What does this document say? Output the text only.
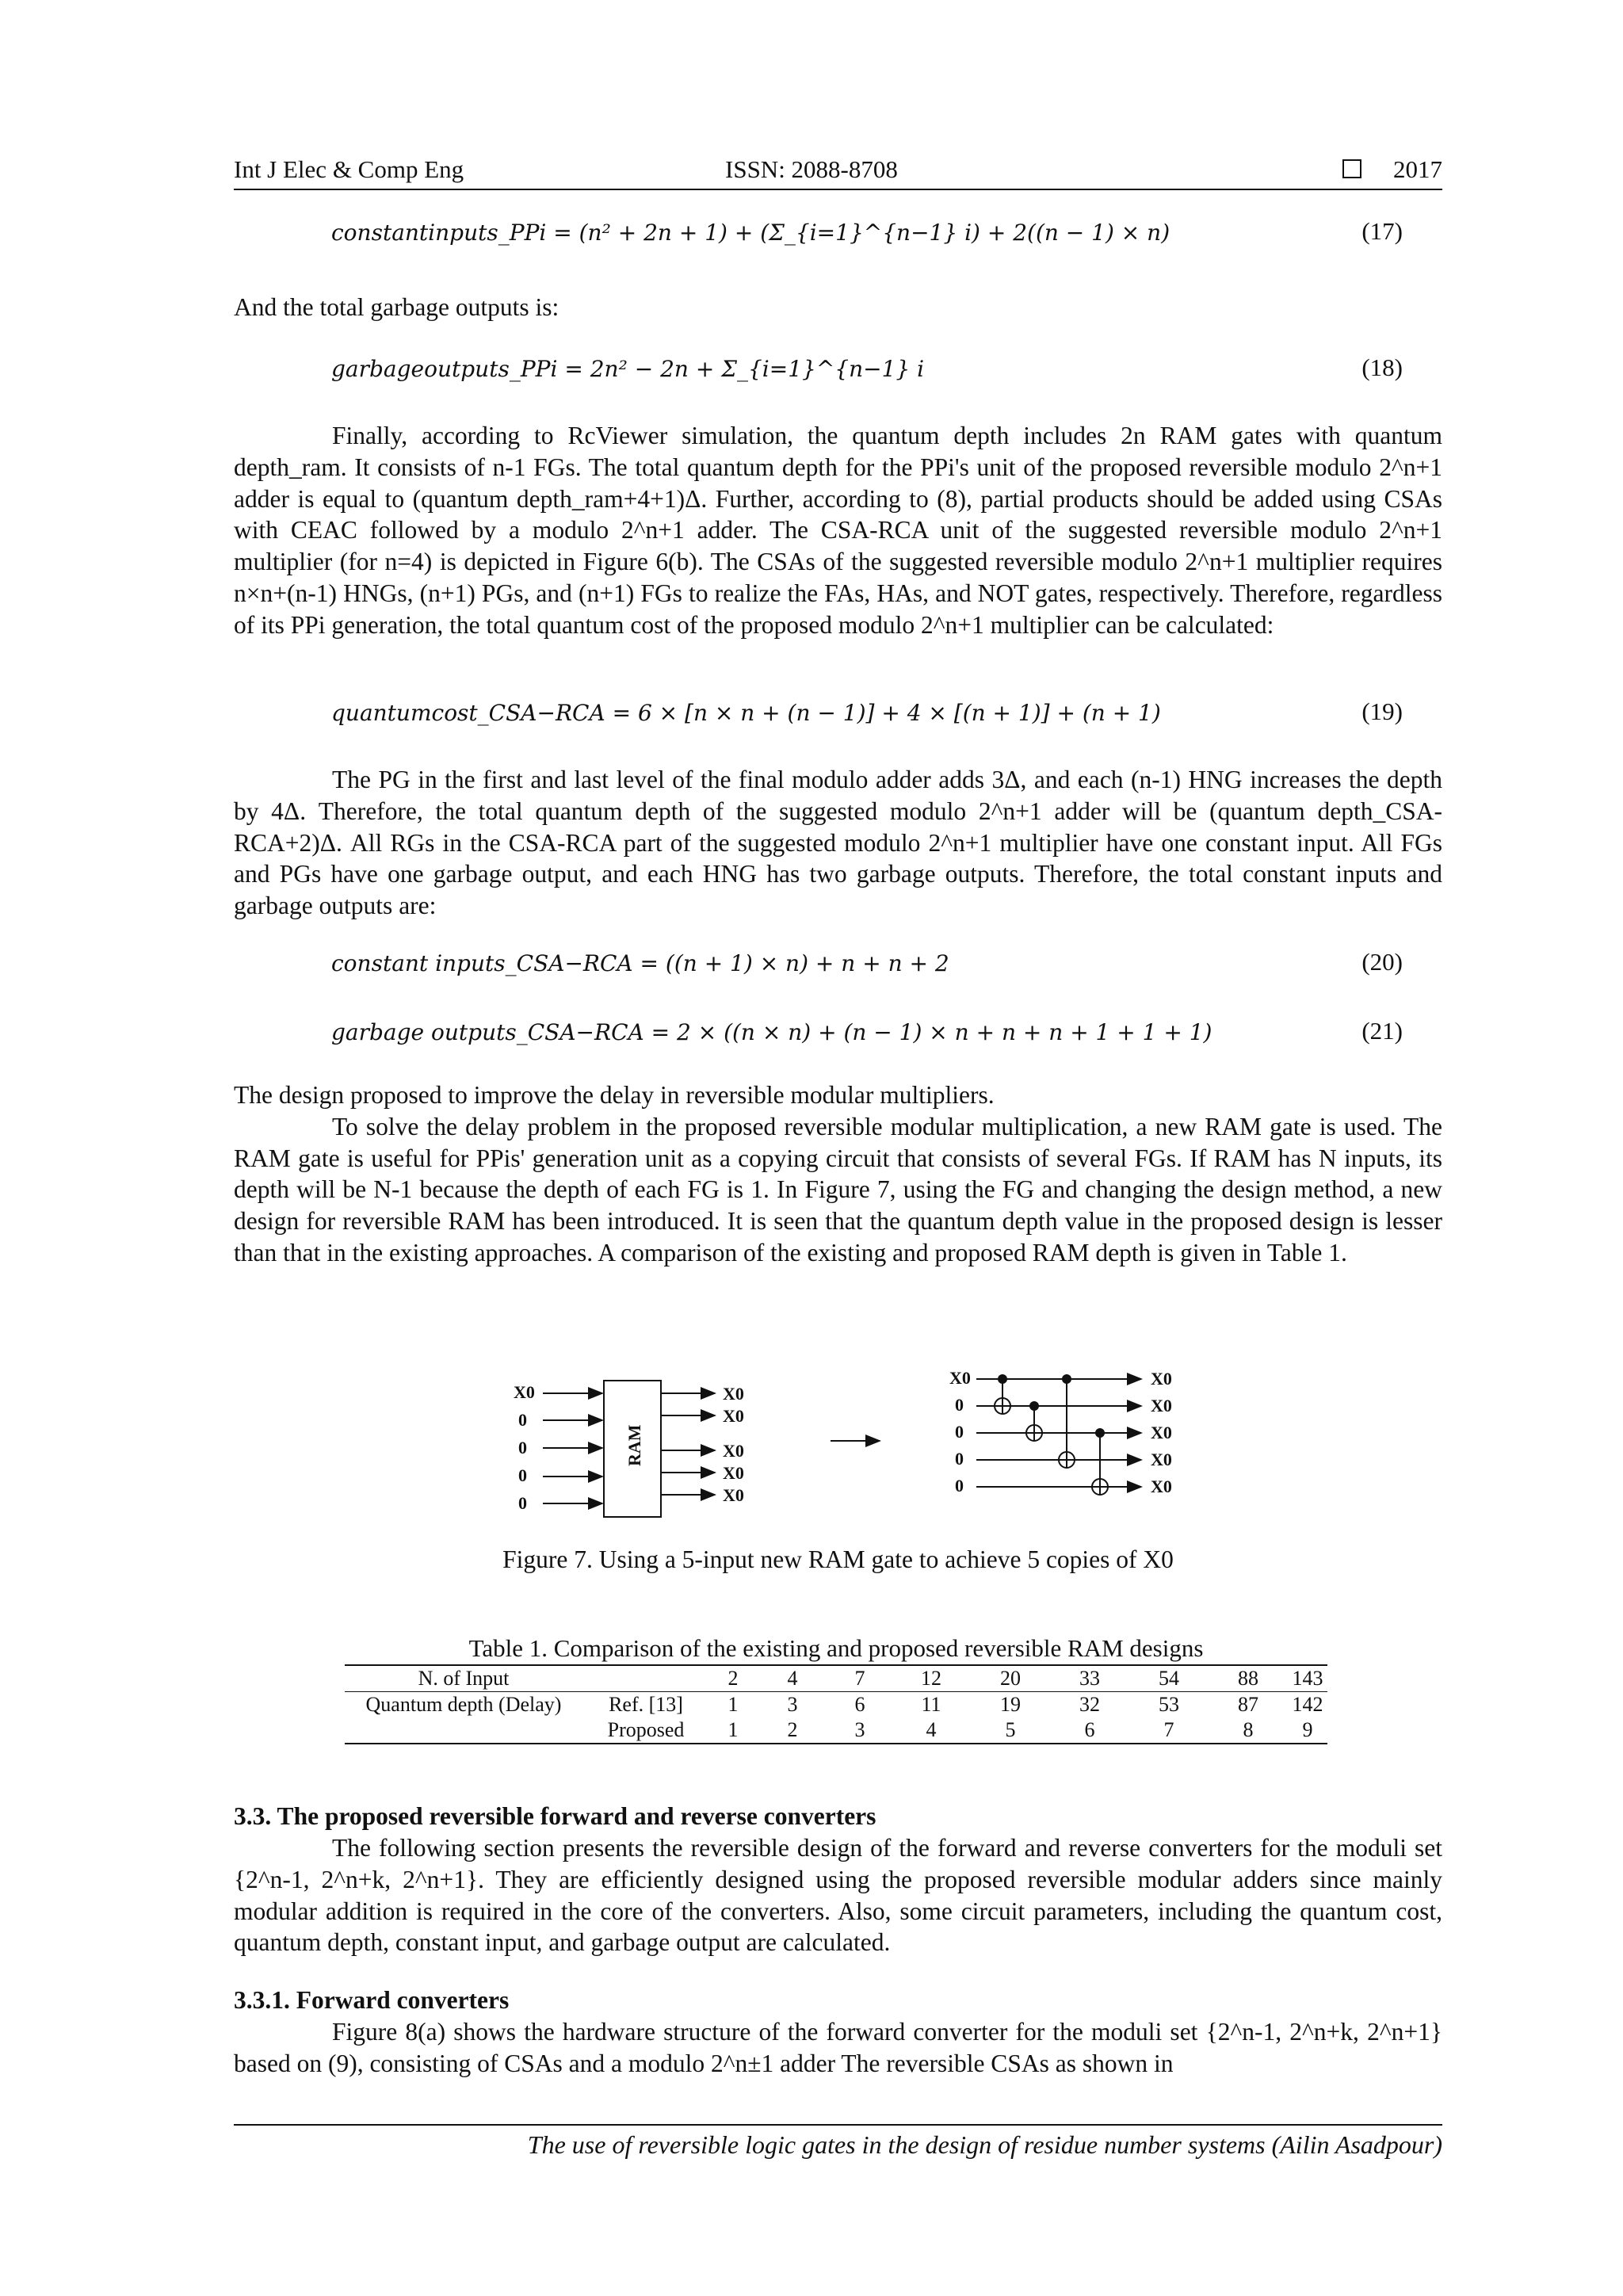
Int J Elec & Comp Eng	ISSN: 2088-8708	2017
constantinputs_PPi = (n² + 2n + 1) + (Σ_{i=1}^{n−1} i) + 2((n − 1) × n)	(17)

And the total garbage outputs is:

garbageoutputs_PPi = 2n² − 2n + Σ_{i=1}^{n−1} i	(18)

Finally, according to RcViewer simulation, the quantum depth includes 2n RAM gates with quantum depth_ram. It consists of n-1 FGs. The total quantum depth for the PPi's unit of the proposed reversible modulo 2^n+1 adder is equal to (quantum depth_ram+4+1)Δ. Further, according to (8), partial products should be added using CSAs with CEAC followed by a modulo 2^n+1 adder. The CSA-RCA unit of the suggested reversible modulo 2^n+1 multiplier (for n=4) is depicted in Figure 6(b). The CSAs of the suggested reversible modulo 2^n+1 multiplier requires n×n+(n-1) HNGs, (n+1) PGs, and (n+1) FGs to realize the FAs, HAs, and NOT gates, respectively. Therefore, regardless of its PPi generation, the total quantum cost of the proposed modulo 2^n+1 multiplier can be calculated:

quantumcost_CSA−RCA = 6 × [n × n + (n − 1)] + 4 × [(n + 1)] + (n + 1)	(19)

The PG in the first and last level of the final modulo adder adds 3Δ, and each (n-1) HNG increases the depth by 4Δ. Therefore, the total quantum depth of the suggested modulo 2^n+1 adder will be (quantum depth_CSA-RCA+2)Δ. All RGs in the CSA-RCA part of the suggested modulo 2^n+1 multiplier have one constant input. All FGs and PGs have one garbage output, and each HNG has two garbage outputs. Therefore, the total constant inputs and garbage outputs are:

constant inputs_CSA−RCA = ((n + 1) × n) + n + n + 2	(20)
garbage outputs_CSA−RCA = 2 × ((n × n) + (n − 1) × n + n + n + 1 + 1 + 1)	(21)

The design proposed to improve the delay in reversible modular multipliers.

To solve the delay problem in the proposed reversible modular multiplication, a new RAM gate is used. The RAM gate is useful for PPis' generation unit as a copying circuit that consists of several FGs. If RAM has N inputs, its depth will be N-1 because the depth of each FG is 1. In Figure 7, using the FG and changing the design method, a new design for reversible RAM has been introduced. It is seen that the quantum depth value in the proposed design is lesser than that in the existing approaches. A comparison of the existing and proposed RAM depth is given in Table 1.

X0
0
0
0
0
RAM
X0
X0
X0
X0
X0
X0
0
0
0
0
X0
X0
X0
X0
X0
Figure 7. Using a 5-input new RAM gate to achieve 5 copies of X0
Table 1. Comparison of the existing and proposed reversible RAM designs
N. of Input		2	4	7	12	20	33	54	88	143
Quantum depth (Delay)	Ref. [13]	1	3	6	11	19	32	53	87	142
	Proposed	1	2	3	4	5	6	7	8	9
3.3. The proposed reversible forward and reverse converters

The following section presents the reversible design of the forward and reverse converters for the moduli set {2^n-1, 2^n+k, 2^n+1}. They are efficiently designed using the proposed reversible modular adders since mainly modular addition is required in the core of the converters. Also, some circuit parameters, including the quantum cost, quantum depth, constant input, and garbage output are calculated.

3.3.1. Forward converters

Figure 8(a) shows the hardware structure of the forward converter for the moduli set {2^n-1, 2^n+k, 2^n+1} based on (9), consisting of CSAs and a modulo 2^n±1 adder The reversible CSAs as shown in

The use of reversible logic gates in the design of residue number systems (Ailin Asadpour)
